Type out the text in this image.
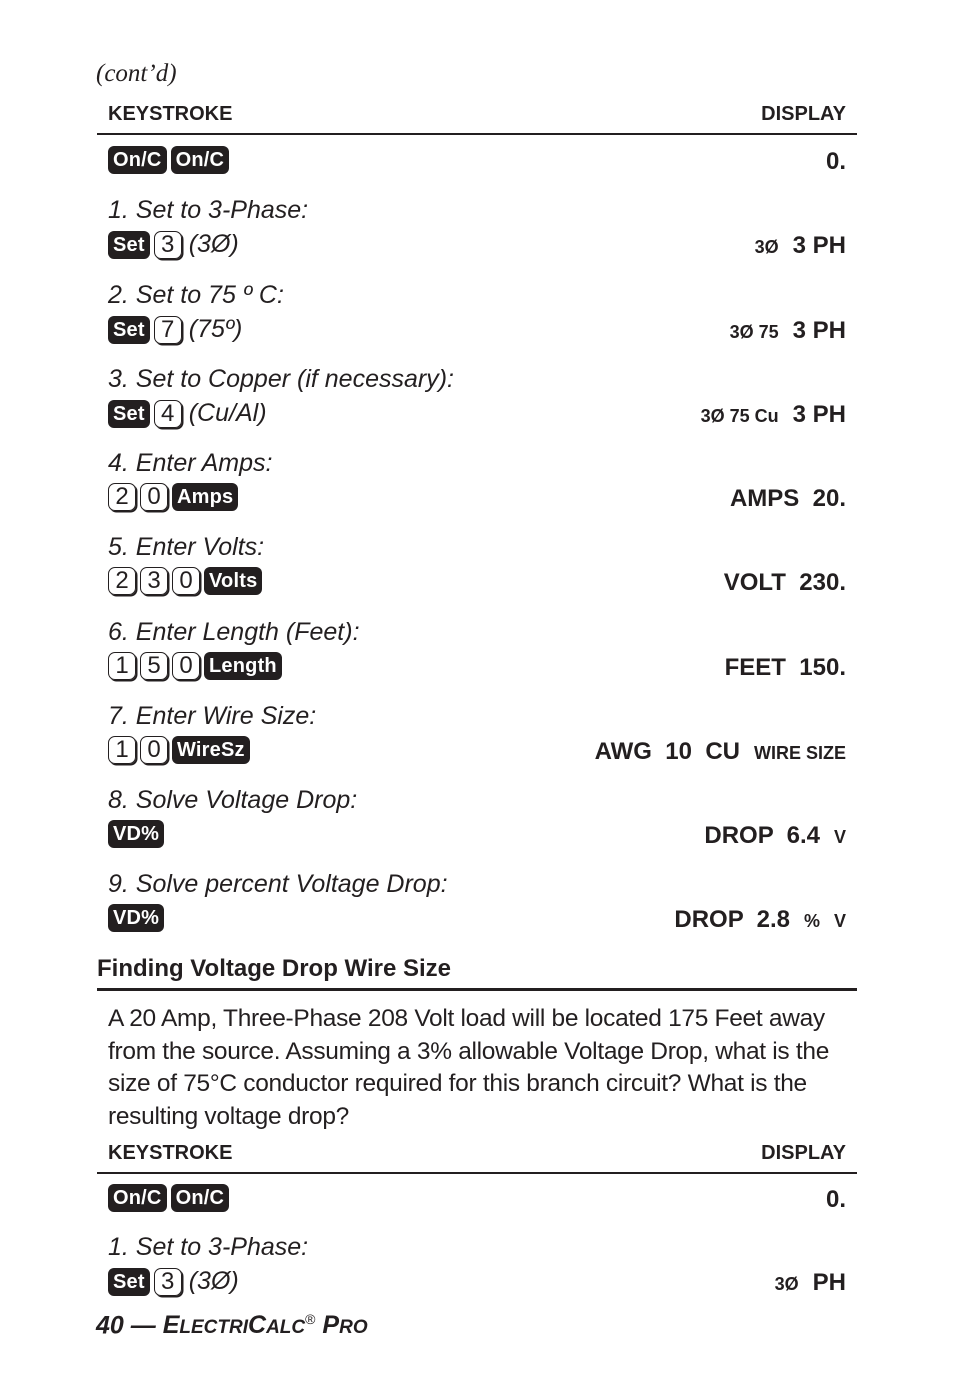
(cont’d)
KEYSTROKE	DISPLAY
On/C On/C	0.
1. Set to 3-Phase:
Set 3 (3Ø)	3Ø 3 PH
2. Set to 75 º C:
Set 7 (75º)	3Ø 75 3 PH
3. Set to Copper (if necessary):
Set 4 (Cu/Al)	3Ø 75 Cu 3 PH
4. Enter Amps:
2 0 Amps	AMPS  20.
5. Enter Volts:
2 3 0 Volts	VOLT  230.
6. Enter Length (Feet):
1 5 0 Length	FEET  150.
7. Enter Wire Size:
1 0 WireSz	AWG  10  CU WIRE SIZE
8. Solve Voltage Drop:
VD%	DROP  6.4 V
9. Solve percent Voltage Drop:
VD%	DROP  2.8 % V
Finding Voltage Drop Wire Size
A 20 Amp, Three-Phase 208 Volt load will be located 175 Feet away from the source. Assuming a 3% allowable Voltage Drop, what is the size of 75°C conductor required for this branch circuit? What is the resulting voltage drop?
KEYSTROKE	DISPLAY
On/C On/C	0.
1. Set to 3-Phase:
Set 3 (3Ø)	3Ø PH
40 — ELECTRICALC® PRO
